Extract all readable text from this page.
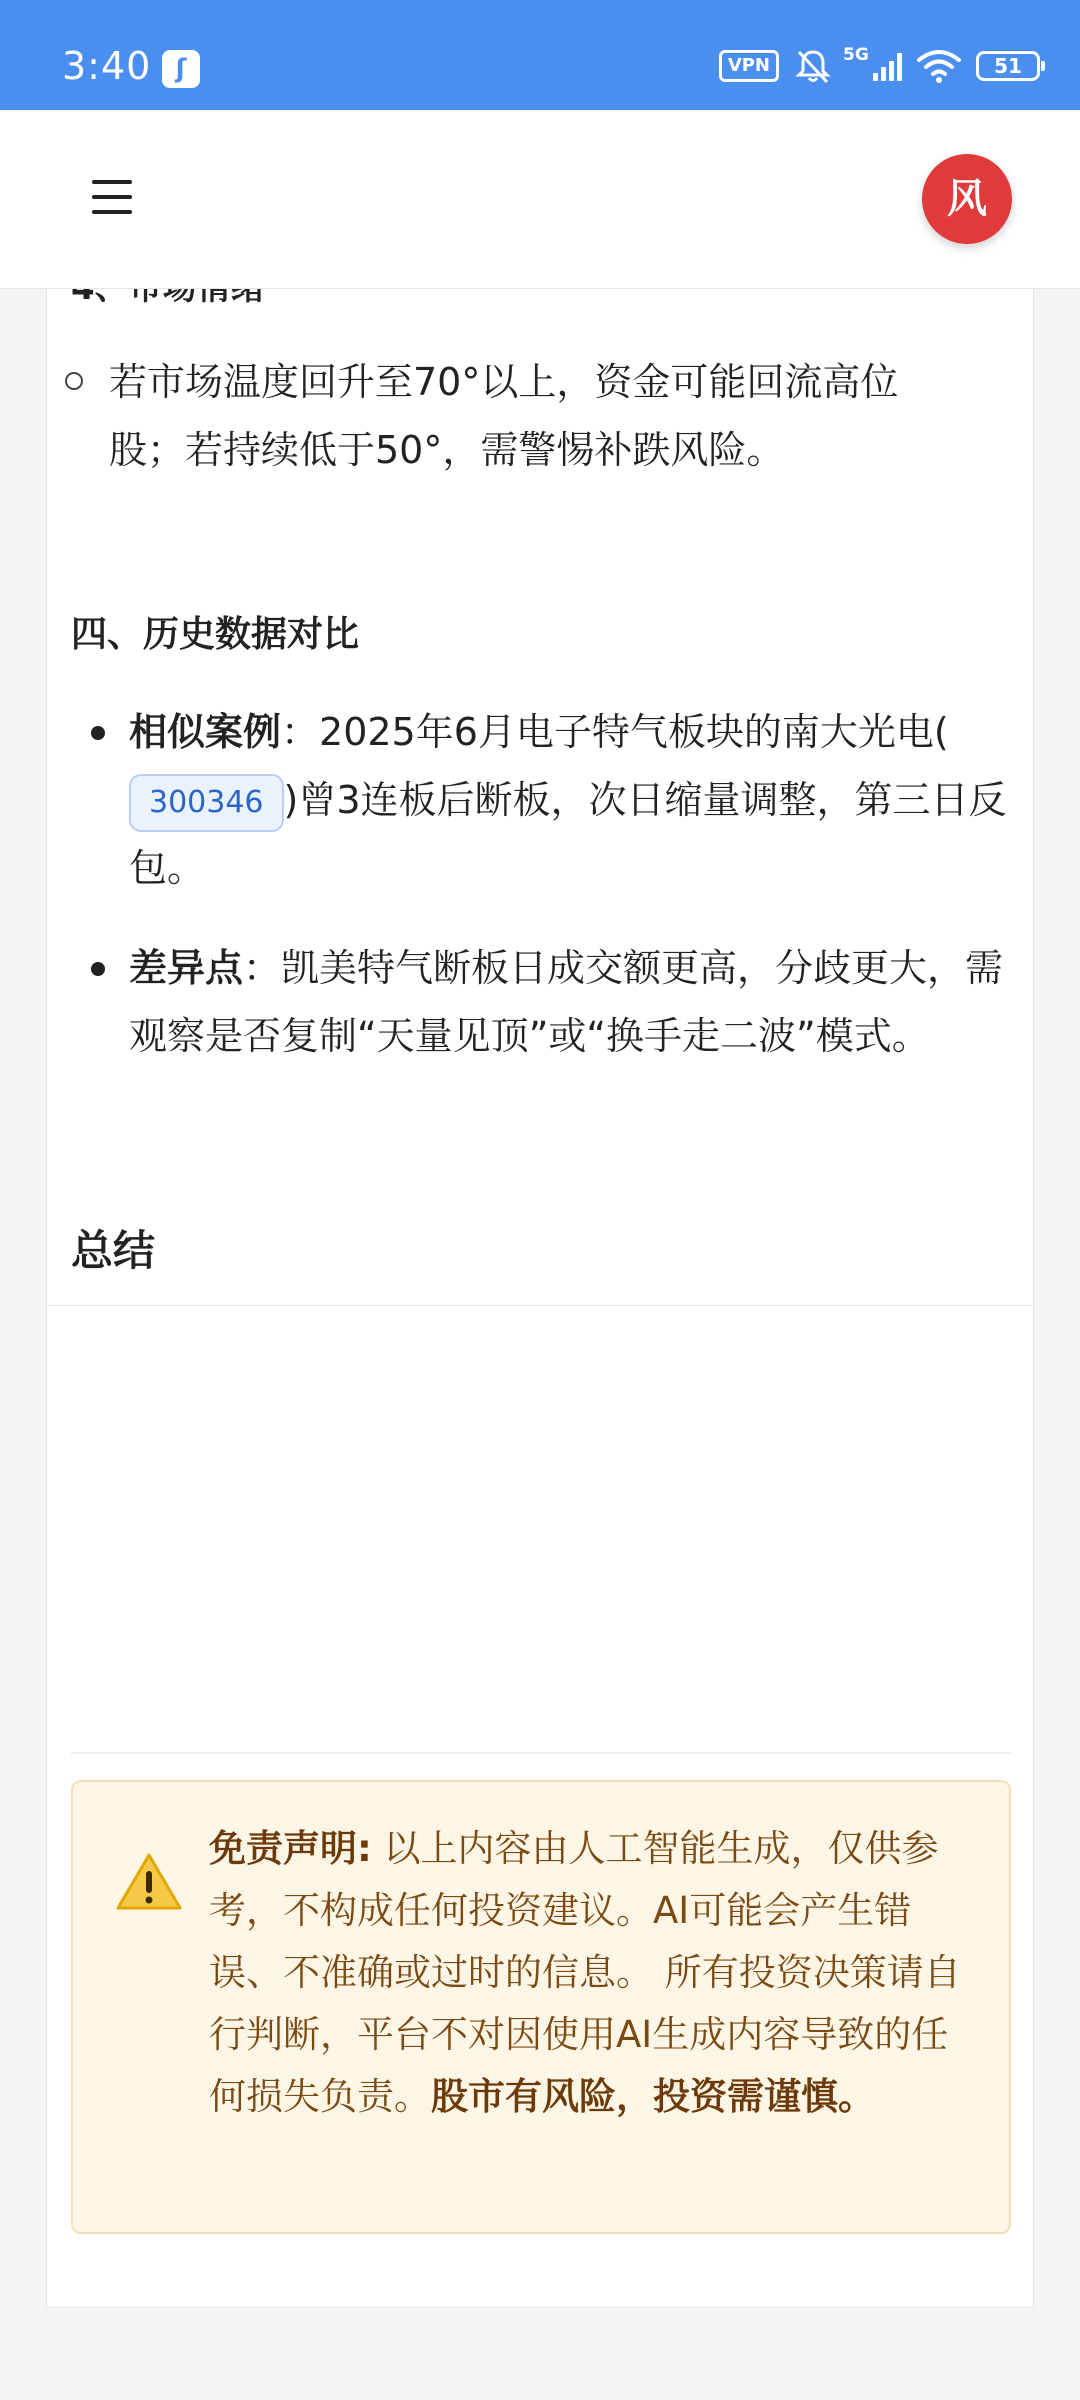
3:40 ʃ	VPN	5G	51
风
若市场温度回升至70°以上，资金可能回流高位股；若持续低于50°，需警惕补跌风险。
四、历史数据对比
相似案例：2025年6月电子特气板块的南大光电(300346 )曾3连板后断板，次日缩量调整，第三日反包。
差异点：凯美特气断板日成交额更高，分歧更大，需观察是否复制“天量见顶”或“换手走二波”模式。
总结
免责声明: 以上内容由人工智能生成，仅供参考，不构成任何投资建议。AI可能会产生错误、不准确或过时的信息。 所有投资决策请自行判断，平台不对因使用AI生成内容导致的任何损失负责。股市有风险，投资需谨慎。
